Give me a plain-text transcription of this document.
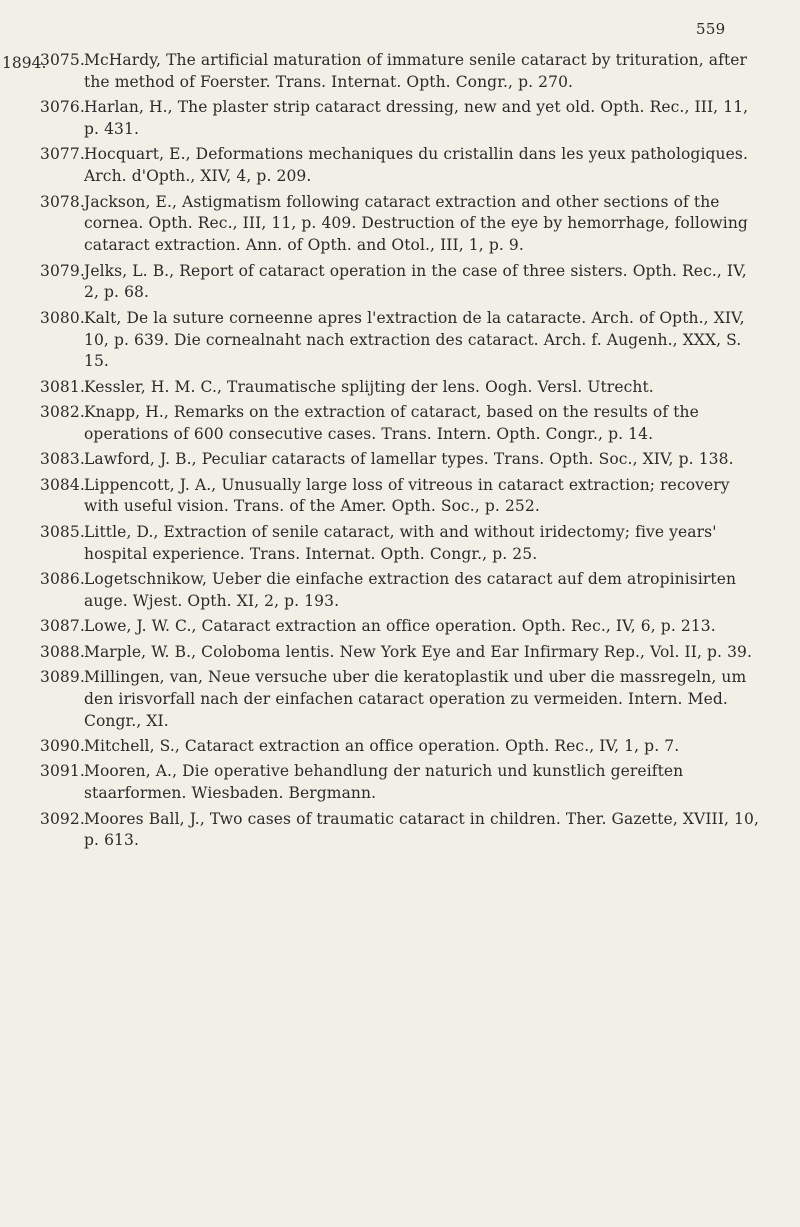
559
1894.

3075.McHardy, The artificial maturation of immature senile cataract by trituration, after the method of Foerster. Trans. Internat. Opth. Congr., p. 270.

3076.Harlan, H., The plaster strip cataract dressing, new and yet old. Opth. Rec., III, 11, p. 431.

3077.Hocquart, E., Deformations mechaniques du cristallin dans les yeux pathologiques. Arch. d'Opth., XIV, 4, p. 209.

3078.Jackson, E., Astigmatism following cataract extraction and other sections of the cornea. Opth. Rec., III, 11, p. 409. Destruction of the eye by hemorrhage, following cataract extraction. Ann. of Opth. and Otol., III, 1, p. 9.

3079.Jelks, L. B., Report of cataract operation in the case of three sisters. Opth. Rec., IV, 2, p. 68.

3080.Kalt, De la suture corneenne apres l'extraction de la cataracte. Arch. of Opth., XIV, 10, p. 639. Die cornealnaht nach extraction des cataract. Arch. f. Augenh., XXX, S. 15.

3081.Kessler, H. M. C., Traumatische splijting der lens. Oogh. Versl. Utrecht.

3082.Knapp, H., Remarks on the extraction of cataract, based on the results of the operations of 600 consecutive cases. Trans. Intern. Opth. Congr., p. 14.

3083.Lawford, J. B., Peculiar cataracts of lamellar types. Trans. Opth. Soc., XIV, p. 138.

3084.Lippencott, J. A., Unusually large loss of vitreous in cataract extraction; recovery with useful vision. Trans. of the Amer. Opth. Soc., p. 252.

3085.Little, D., Extraction of senile cataract, with and without iridectomy; five years' hospital experience. Trans. Internat. Opth. Congr., p. 25.

3086.Logetschnikow, Ueber die einfache extraction des cataract auf dem atropinisirten auge. Wjest. Opth. XI, 2, p. 193.

3087.Lowe, J. W. C., Cataract extraction an office operation. Opth. Rec., IV, 6, p. 213.

3088.Marple, W. B., Coloboma lentis. New York Eye and Ear Infirmary Rep., Vol. II, p. 39.

3089.Millingen, van, Neue versuche uber die keratoplastik und uber die massregeln, um den irisvorfall nach der einfachen cataract operation zu vermeiden. Intern. Med. Congr., XI.

3090.Mitchell, S., Cataract extraction an office operation. Opth. Rec., IV, 1, p. 7.

3091.Mooren, A., Die operative behandlung der naturich und kunstlich gereiften staarformen. Wiesbaden. Bergmann.

3092.Moores Ball, J., Two cases of traumatic cataract in children. Ther. Gazette, XVIII, 10, p. 613.
